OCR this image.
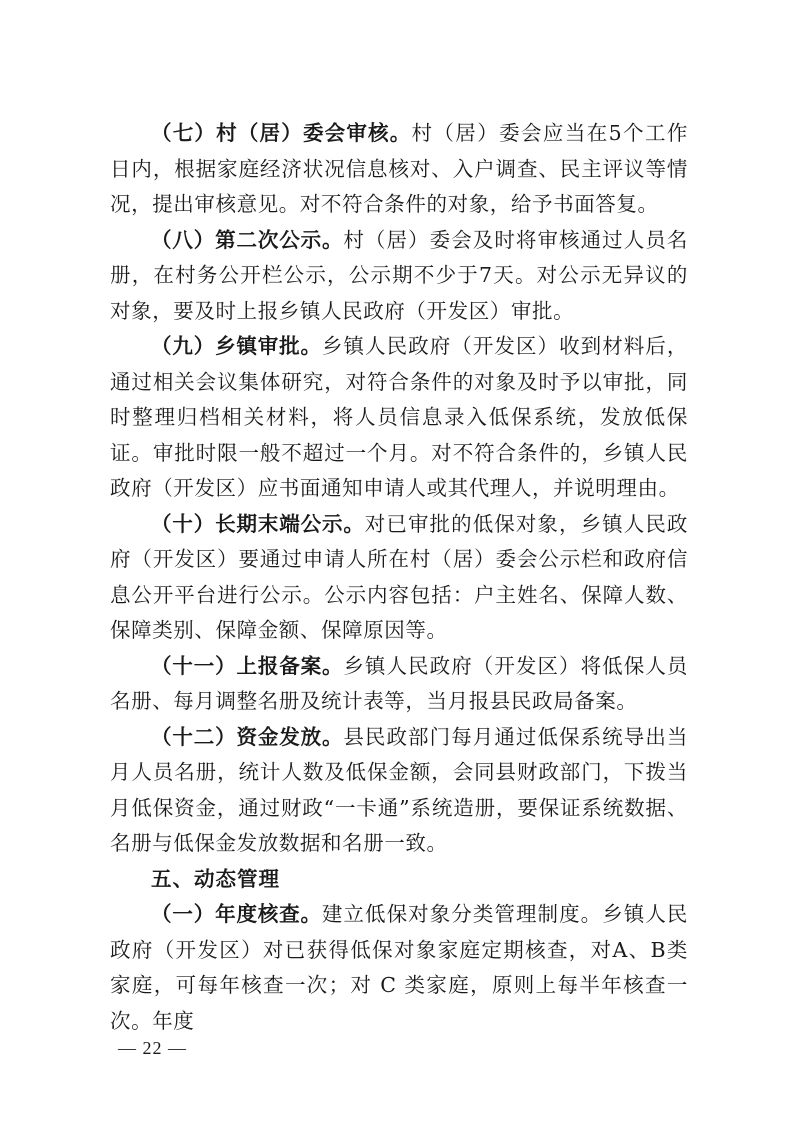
（七）村（居）委会审核。村（居）委会应当在5个工作日内，根据家庭经济状况信息核对、入户调查、民主评议等情况，提出审核意见。对不符合条件的对象，给予书面答复。

（八）第二次公示。村（居）委会及时将审核通过人员名册，在村务公开栏公示，公示期不少于7天。对公示无异议的对象，要及时上报乡镇人民政府（开发区）审批。

（九）乡镇审批。乡镇人民政府（开发区）收到材料后，通过相关会议集体研究，对符合条件的对象及时予以审批，同时整理归档相关材料，将人员信息录入低保系统，发放低保证。审批时限一般不超过一个月。对不符合条件的，乡镇人民政府（开发区）应书面通知申请人或其代理人，并说明理由。

（十）长期末端公示。对已审批的低保对象，乡镇人民政府（开发区）要通过申请人所在村（居）委会公示栏和政府信息公开平台进行公示。公示内容包括：户主姓名、保障人数、保障类别、保障金额、保障原因等。

（十一）上报备案。乡镇人民政府（开发区）将低保人员名册、每月调整名册及统计表等，当月报县民政局备案。

（十二）资金发放。县民政部门每月通过低保系统导出当月人员名册，统计人数及低保金额，会同县财政部门，下拨当月低保资金，通过财政“一卡通”系统造册，要保证系统数据、名册与低保金发放数据和名册一致。

五、动态管理

（一）年度核查。建立低保对象分类管理制度。乡镇人民政府（开发区）对已获得低保对象家庭定期核查，对A、B类家庭，可每年核查一次；对 C 类家庭，原则上每半年核查一次。年度

— 22 —
